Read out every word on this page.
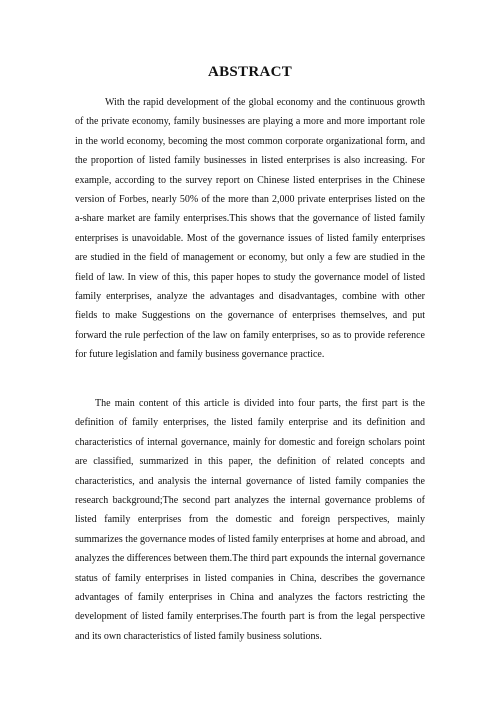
ABSTRACT

With the rapid development of the global economy and the continuous growth of the private economy, family businesses are playing a more and more important role in the world economy, becoming the most common corporate organizational form, and the proportion of listed family businesses in listed enterprises is also increasing. For example, according to the survey report on Chinese listed enterprises in the Chinese version of Forbes, nearly 50% of the more than 2,000 private enterprises listed on the a-share market are family enterprises.This shows that the governance of listed family enterprises is unavoidable. Most of the governance issues of listed family enterprises are studied in the field of management or economy, but only a few are studied in the field of law. In view of this, this paper hopes to study the governance model of listed family enterprises, analyze the advantages and disadvantages, combine with other fields to make Suggestions on the governance of enterprises themselves, and put forward the rule perfection of the law on family enterprises, so as to provide reference for future legislation and family business governance practice.

The main content of this article is divided into four parts, the first part is the definition of family enterprises, the listed family enterprise and its definition and characteristics of internal governance, mainly for domestic and foreign scholars point are classified, summarized in this paper, the definition of related concepts and characteristics, and analysis the internal governance of listed family companies the research background;The second part analyzes the internal governance problems of listed family enterprises from the domestic and foreign perspectives, mainly summarizes the governance modes of listed family enterprises at home and abroad, and analyzes the differences between them.The third part expounds the internal governance status of family enterprises in listed companies in China, describes the governance advantages of family enterprises in China and analyzes the factors restricting the development of listed family enterprises.The fourth part is from the legal perspective and its own characteristics of listed family business solutions.
